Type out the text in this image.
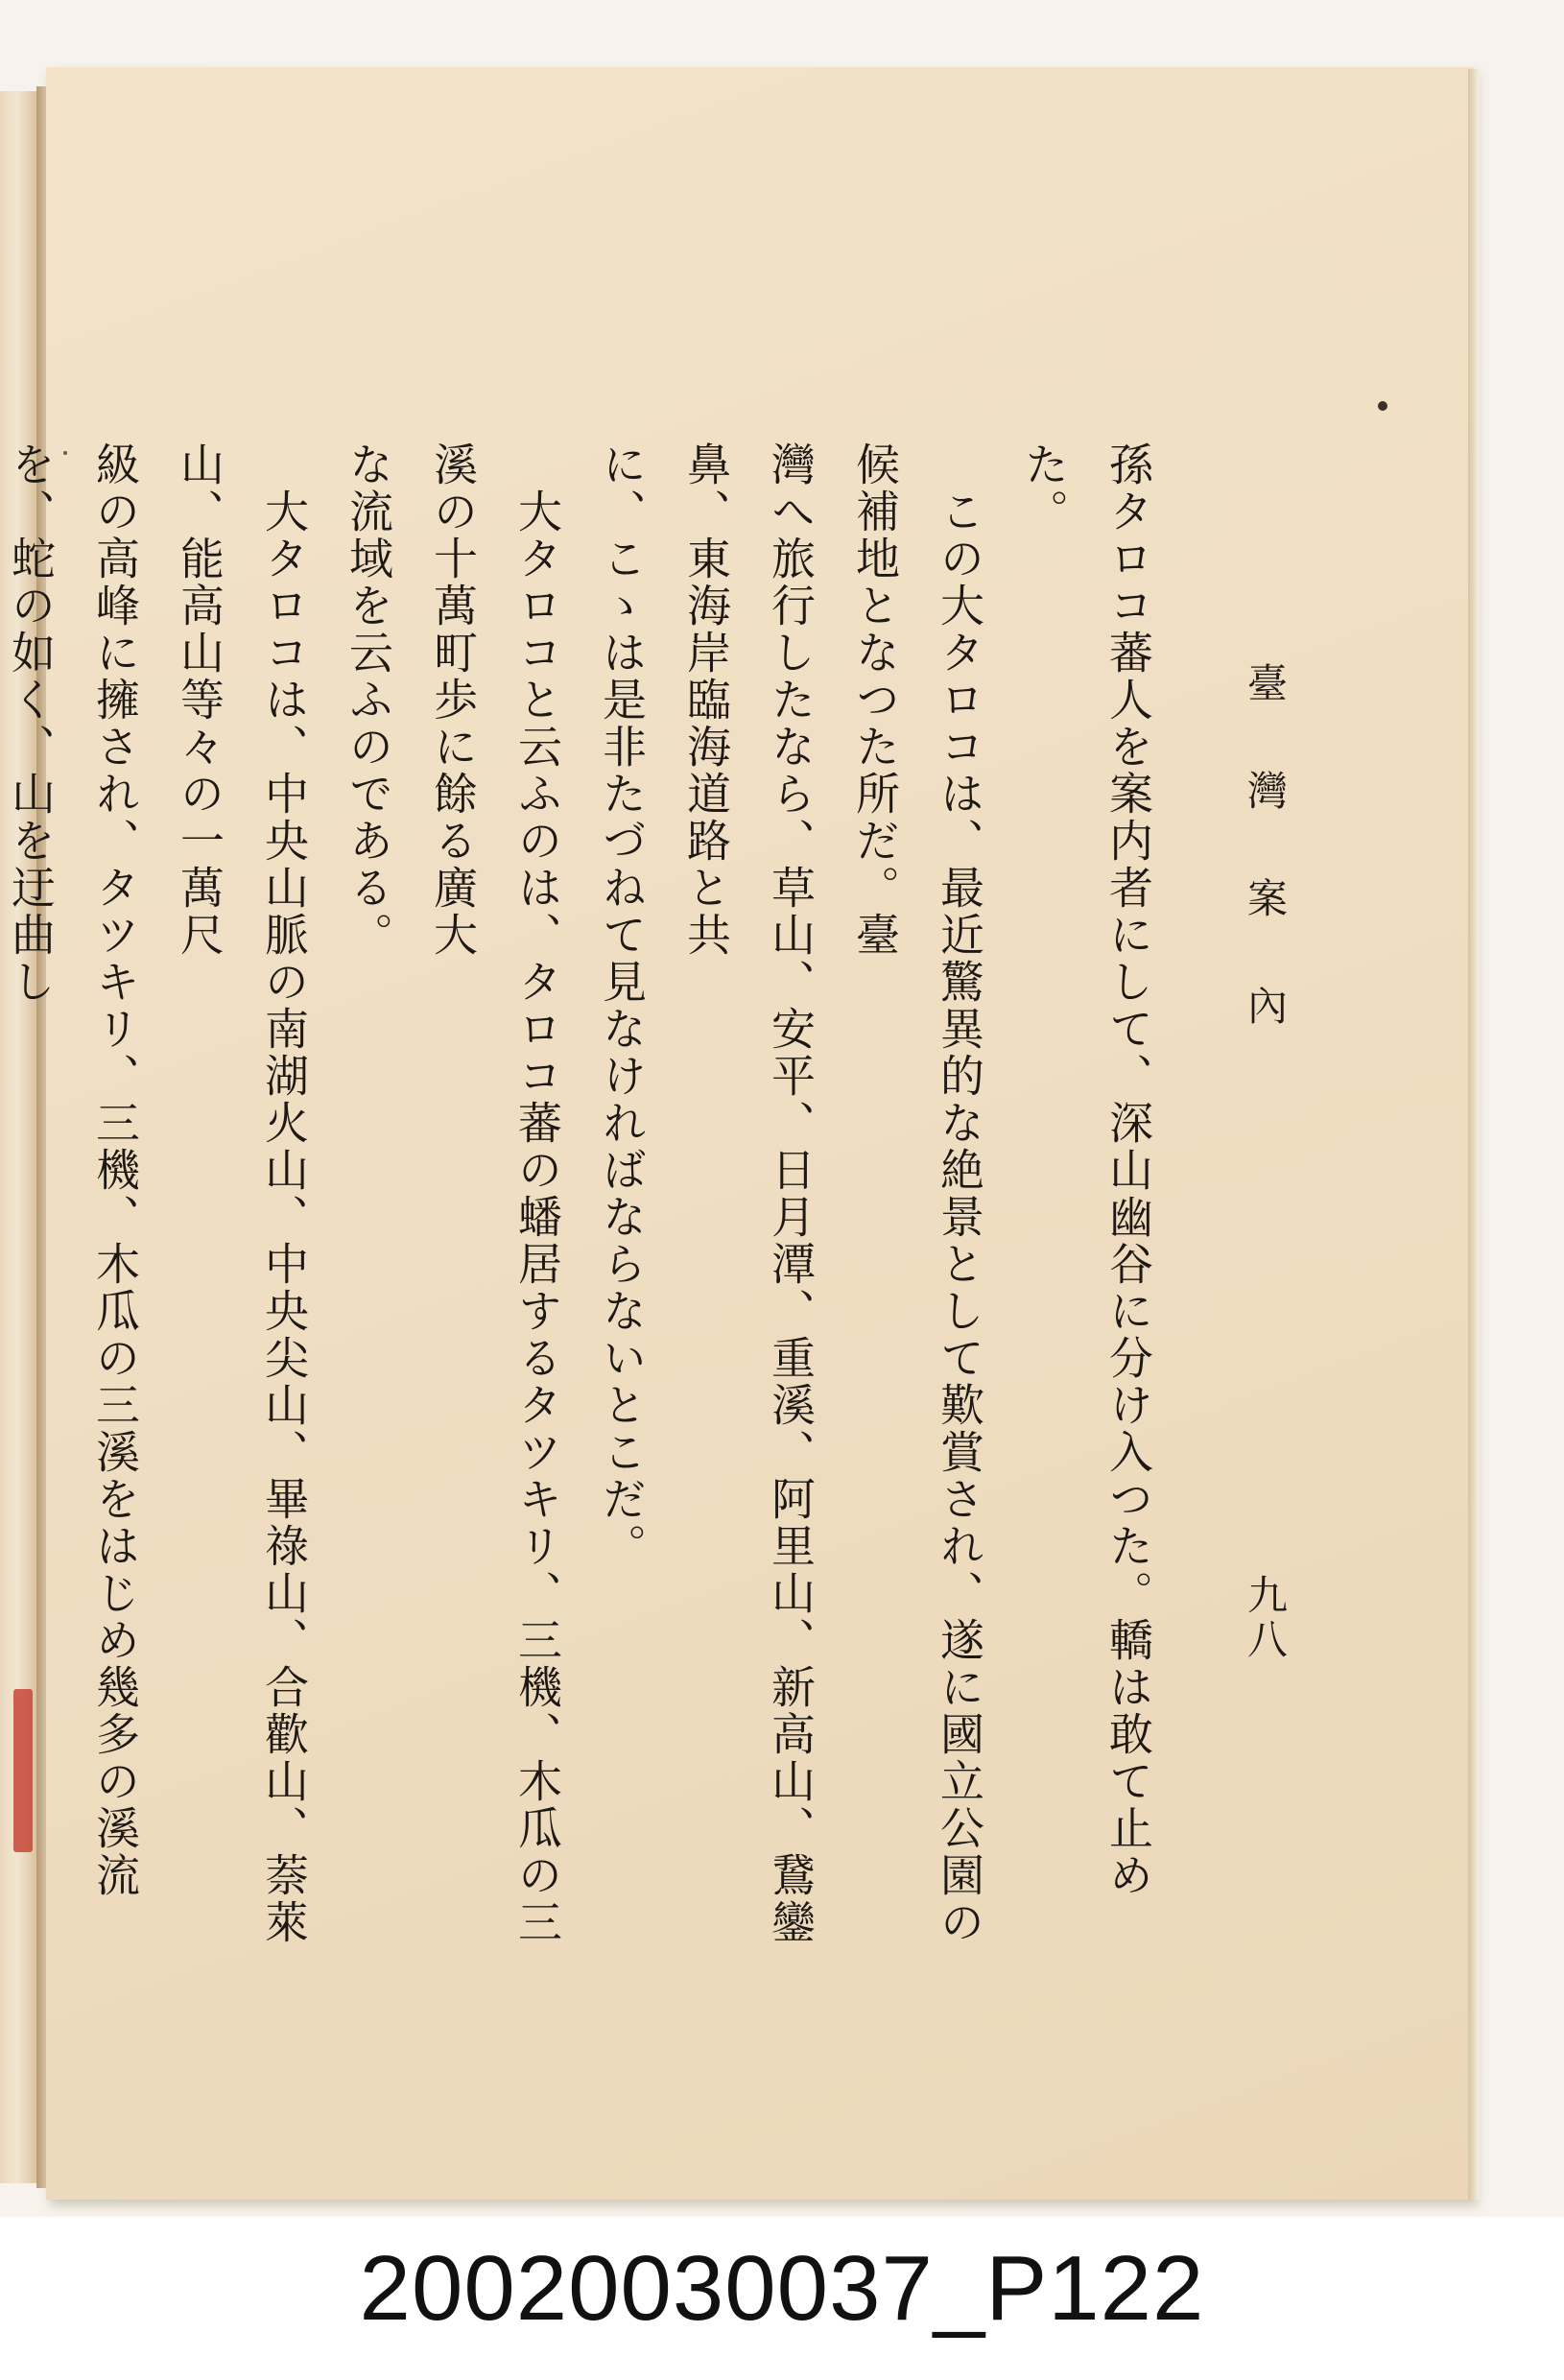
臺　灣　案　內
九八

孫タロコ蕃人を案内者にして、深山幽谷に分け入つた。轎は敢て止めた。

　この大タロコは、最近驚異的な絶景として歎賞され、遂に國立公園の候補地となつた所だ。臺

灣へ旅行したなら、草山、安平、日月潭、重溪、阿里山、新高山、鵞鑾鼻、東海岸臨海道路と共

に、こゝは是非たづねて見なければならないとこだ。

　大タロコと云ふのは、タロコ蕃の蟠居するタツキリ、三機、木瓜の三溪の十萬町歩に餘る廣大

な流域を云ふのである。

　大タロコは、中央山脈の南湖火山、中央尖山、畢祿山、合歡山、萘萊山、能高山等々の一萬尺

級の高峰に擁され、タツキリ、三機、木瓜の三溪をはじめ幾多の溪流を、蛇の如く、山を迂曲し

20020030037_P122
